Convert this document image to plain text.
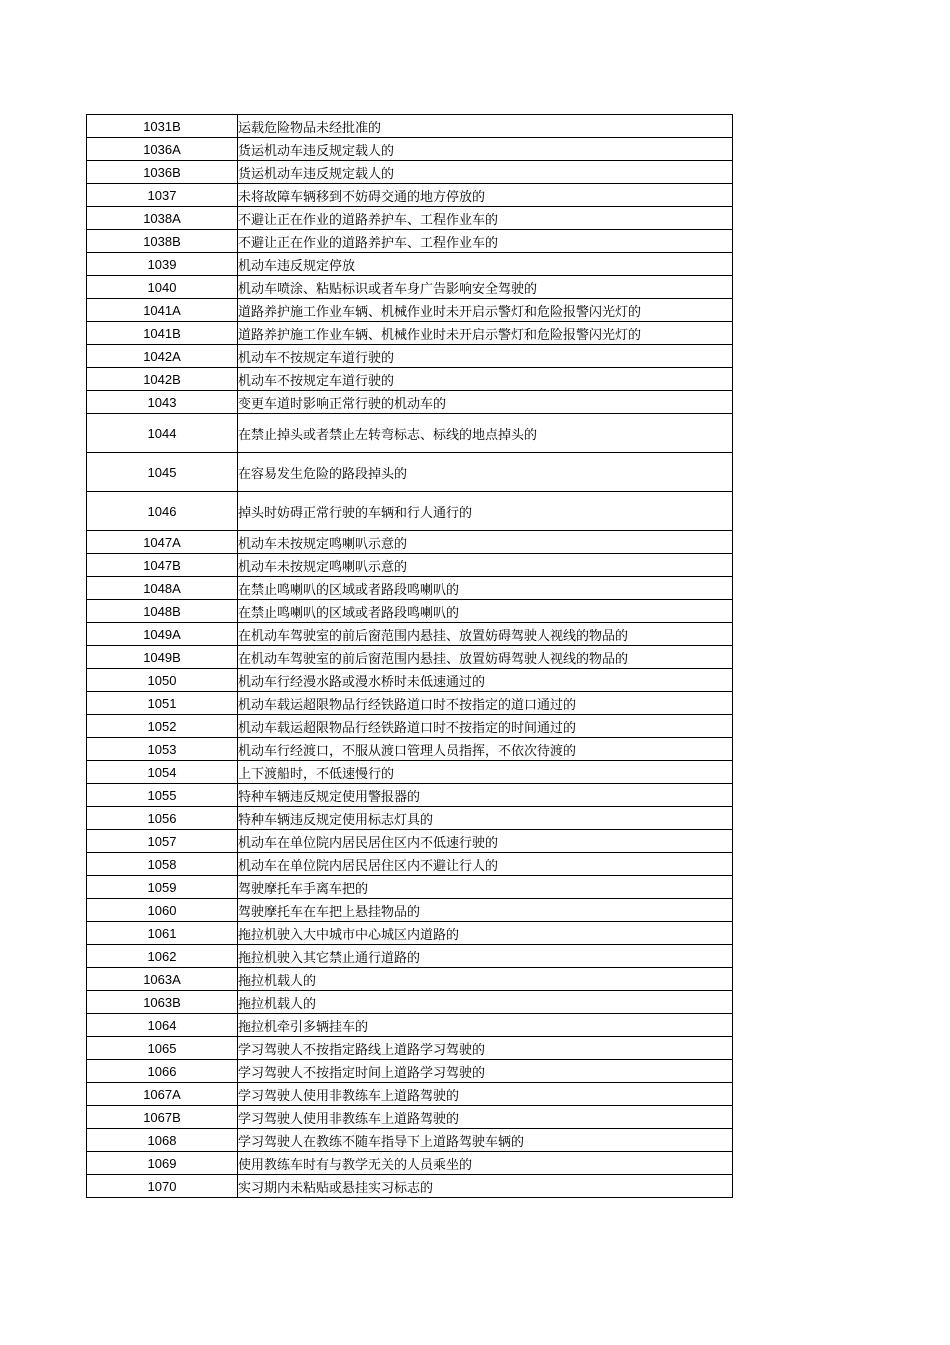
1031B	运载危险物品未经批准的
1036A	货运机动车违反规定载人的
1036B	货运机动车违反规定载人的
1037	未将故障车辆移到不妨碍交通的地方停放的
1038A	不避让正在作业的道路养护车、工程作业车的
1038B	不避让正在作业的道路养护车、工程作业车的
1039	机动车违反规定停放
1040	机动车喷涂、粘贴标识或者车身广告影响安全驾驶的
1041A	道路养护施工作业车辆、机械作业时未开启示警灯和危险报警闪光灯的
1041B	道路养护施工作业车辆、机械作业时未开启示警灯和危险报警闪光灯的
1042A	机动车不按规定车道行驶的
1042B	机动车不按规定车道行驶的
1043	变更车道时影响正常行驶的机动车的
1044	在禁止掉头或者禁止左转弯标志、标线的地点掉头的
1045	在容易发生危险的路段掉头的
1046	掉头时妨碍正常行驶的车辆和行人通行的
1047A	机动车未按规定鸣喇叭示意的
1047B	机动车未按规定鸣喇叭示意的
1048A	在禁止鸣喇叭的区域或者路段鸣喇叭的
1048B	在禁止鸣喇叭的区域或者路段鸣喇叭的
1049A	在机动车驾驶室的前后窗范围内悬挂、放置妨碍驾驶人视线的物品的
1049B	在机动车驾驶室的前后窗范围内悬挂、放置妨碍驾驶人视线的物品的
1050	机动车行经漫水路或漫水桥时未低速通过的
1051	机动车载运超限物品行经铁路道口时不按指定的道口通过的
1052	机动车载运超限物品行经铁路道口时不按指定的时间通过的
1053	机动车行经渡口，不服从渡口管理人员指挥，不依次待渡的
1054	上下渡船时，不低速慢行的
1055	特种车辆违反规定使用警报器的
1056	特种车辆违反规定使用标志灯具的
1057	机动车在单位院内居民居住区内不低速行驶的
1058	机动车在单位院内居民居住区内不避让行人的
1059	驾驶摩托车手离车把的
1060	驾驶摩托车在车把上悬挂物品的
1061	拖拉机驶入大中城市中心城区内道路的
1062	拖拉机驶入其它禁止通行道路的
1063A	拖拉机载人的
1063B	拖拉机载人的
1064	拖拉机牵引多辆挂车的
1065	学习驾驶人不按指定路线上道路学习驾驶的
1066	学习驾驶人不按指定时间上道路学习驾驶的
1067A	学习驾驶人使用非教练车上道路驾驶的
1067B	学习驾驶人使用非教练车上道路驾驶的
1068	学习驾驶人在教练不随车指导下上道路驾驶车辆的
1069	使用教练车时有与教学无关的人员乘坐的
1070	实习期内未粘贴或悬挂实习标志的
